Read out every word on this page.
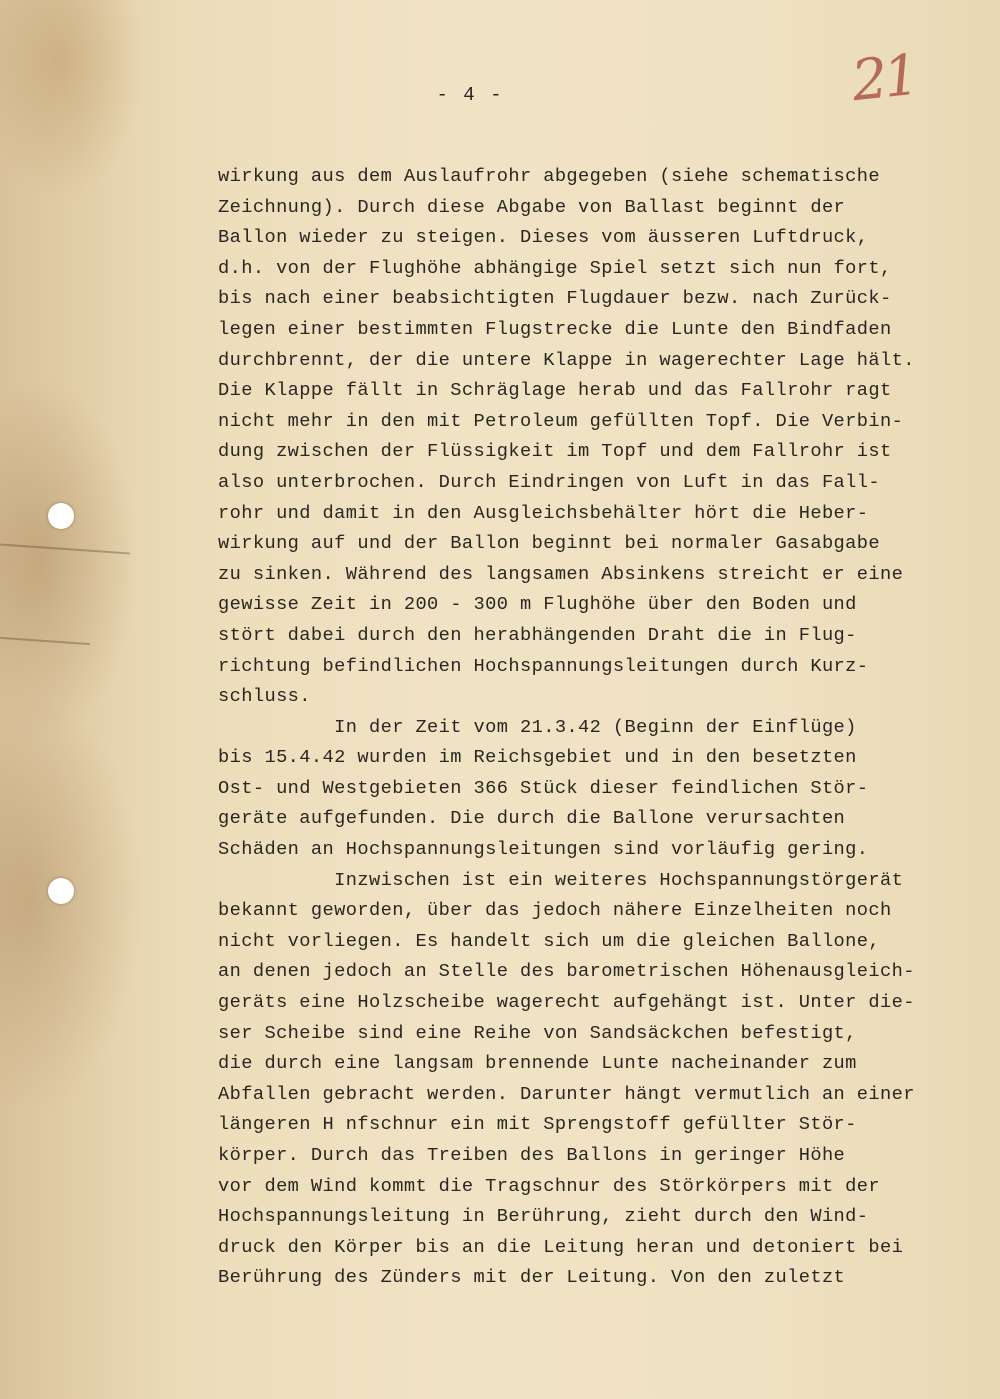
- 4 -	21
wirkung aus dem Auslaufrohr abgegeben (siehe schematische
Zeichnung). Durch diese Abgabe von Ballast beginnt der
Ballon wieder zu steigen. Dieses vom äusseren Luftdruck,
d.h. von der Flughöhe abhängige Spiel setzt sich nun fort,
bis nach einer beabsichtigten Flugdauer bezw. nach Zurück-
legen einer bestimmten Flugstrecke die Lunte den Bindfaden
durchbrennt, der die untere Klappe in wagerechter Lage hält.
Die Klappe fällt in Schräglage herab und das Fallrohr ragt
nicht mehr in den mit Petroleum gefüllten Topf. Die Verbin-
dung zwischen der Flüssigkeit im Topf und dem Fallrohr ist
also unterbrochen. Durch Eindringen von Luft in das Fall-
rohr und damit in den Ausgleichsbehälter hört die Heber-
wirkung auf und der Ballon beginnt bei normaler Gasabgabe
zu sinken. Während des langsamen Absinkens streicht er eine
gewisse Zeit in 200 - 300 m Flughöhe über den Boden und
stört dabei durch den herabhängenden Draht die in Flug-
richtung befindlichen Hochspannungsleitungen durch Kurz-
schluss.
In der Zeit vom 21.3.42 (Beginn der Einflüge)
bis 15.4.42 wurden im Reichsgebiet und in den besetzten
Ost- und Westgebieten 366 Stück dieser feindlichen Stör-
geräte aufgefunden. Die durch die Ballone verursachten
Schäden an Hochspannungsleitungen sind vorläufig gering.
Inzwischen ist ein weiteres Hochspannungstörgerät
bekannt geworden, über das jedoch nähere Einzelheiten noch
nicht vorliegen. Es handelt sich um die gleichen Ballone,
an denen jedoch an Stelle des barometrischen Höhenausgleich-
geräts eine Holzscheibe wagerecht aufgehängt ist. Unter die-
ser Scheibe sind eine Reihe von Sandsäckchen befestigt,
die durch eine langsam brennende Lunte nacheinander zum
Abfallen gebracht werden. Darunter hängt vermutlich an einer
längeren H nfschnur ein mit Sprengstoff gefüllter Stör-
körper. Durch das Treiben des Ballons in geringer Höhe
vor dem Wind kommt die Tragschnur des Störkörpers mit der
Hochspannungsleitung in Berührung, zieht durch den Wind-
druck den Körper bis an die Leitung heran und detoniert bei
Berührung des Zünders mit der Leitung. Von den zuletzt
